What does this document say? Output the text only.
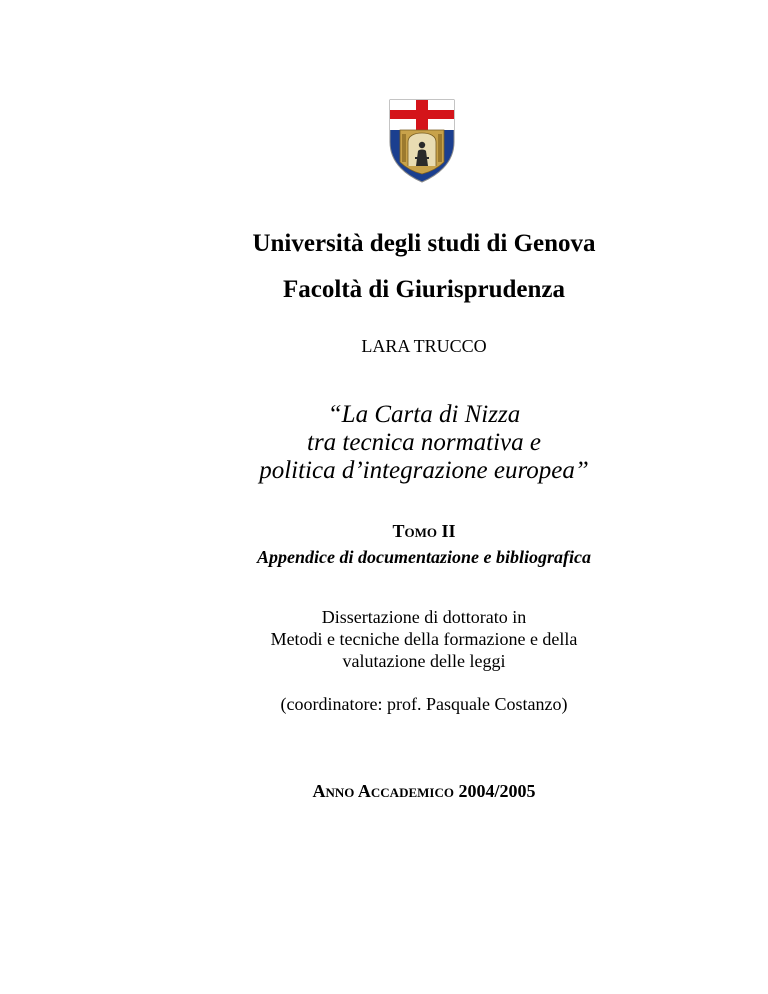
Università degli studi di Genova
Facoltà di Giurisprudenza
LARA TRUCCO
“La Carta di Nizza
tra tecnica normativa e
politica d’integrazione europea”
TOMO II
Appendice di documentazione e bibliografica
Dissertazione di dottorato in
Metodi e tecniche della formazione e della
valutazione delle leggi
(coordinatore: prof. Pasquale Costanzo)
ANNO ACCADEMICO 2004/2005
